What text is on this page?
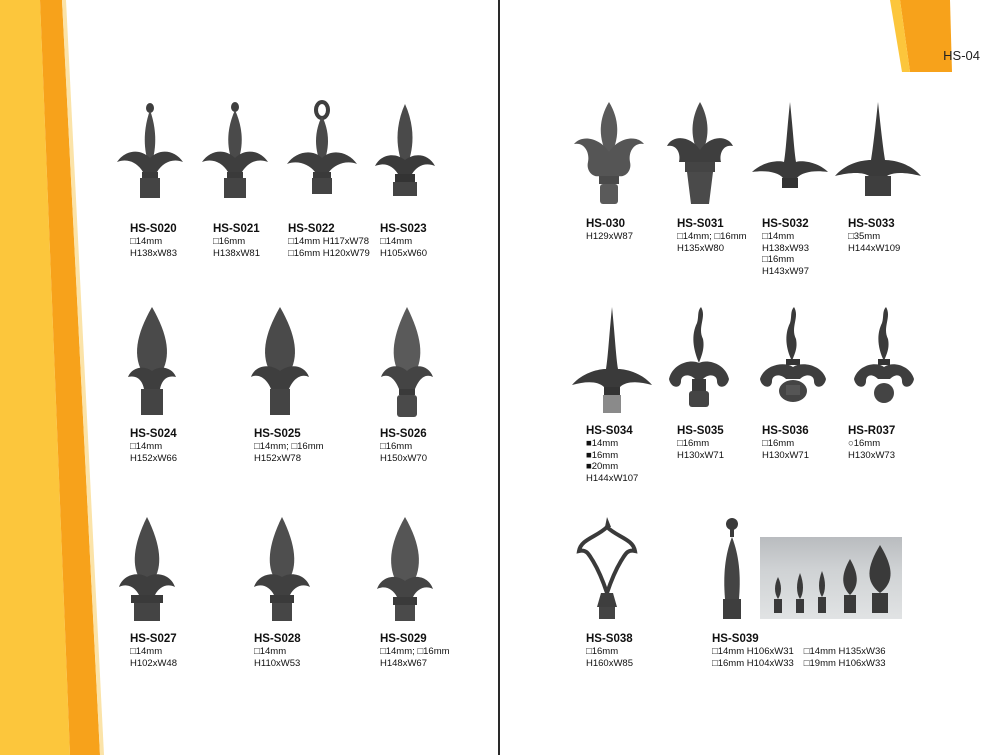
HS-04
HS-S020
□14mm
H138xW83
HS-S021
□16mm
H138xW81
HS-S022
□14mm H117xW78
□16mm H120xW79
HS-S023
□14mm
H105xW60
HS-S024
□14mm
H152xW66
HS-S025
□14mm; □16mm
H152xW78
HS-S026
□16mm
H150xW70
HS-S027
□14mm
H102xW48
HS-S028
□14mm
H110xW53
HS-S029
□14mm; □16mm
H148xW67
HS-030
H129xW87
HS-S031
□14mm; □16mm
H135xW80
HS-S032
□14mm
H138xW93
□16mm
H143xW97
HS-S033
□35mm
H144xW109
HS-S034
■14mm
■16mm
■20mm
H144xW107
HS-S035
□16mm
H130xW71
HS-S036
□16mm
H130xW71
HS-R037
○16mm
H130xW73
HS-S038
□16mm
H160xW85
HS-S039
□14mm H106xW31
□16mm H104xW33
□14mm H135xW36
□19mm H106xW33
